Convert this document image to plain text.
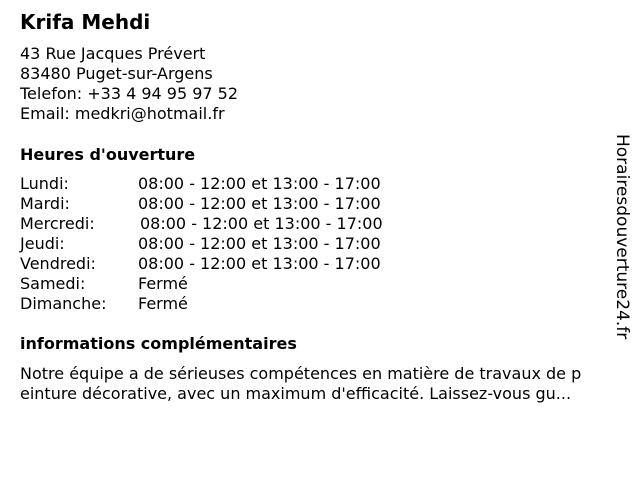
Krifa Mehdi
43 Rue Jacques Prévert
83480 Puget-sur-Argens
Telefon: +33 4 94 95 97 52
Email: medkri@hotmail.fr
Heures d'ouverture
Lundi:	08:00 - 12:00 et 13:00 - 17:00
Mardi:	08:00 - 12:00 et 13:00 - 17:00
Mercredi:	08:00 - 12:00 et 13:00 - 17:00
Jeudi:	08:00 - 12:00 et 13:00 - 17:00
Vendredi:	08:00 - 12:00 et 13:00 - 17:00
Samedi:	Fermé
Dimanche: Fermé
informations complémentaires
Notre équipe a de sérieuses compétences en matière de travaux de p
einture décorative, avec un maximum d'efficacité. Laissez-vous gu...
Horairesdouverture24.fr
